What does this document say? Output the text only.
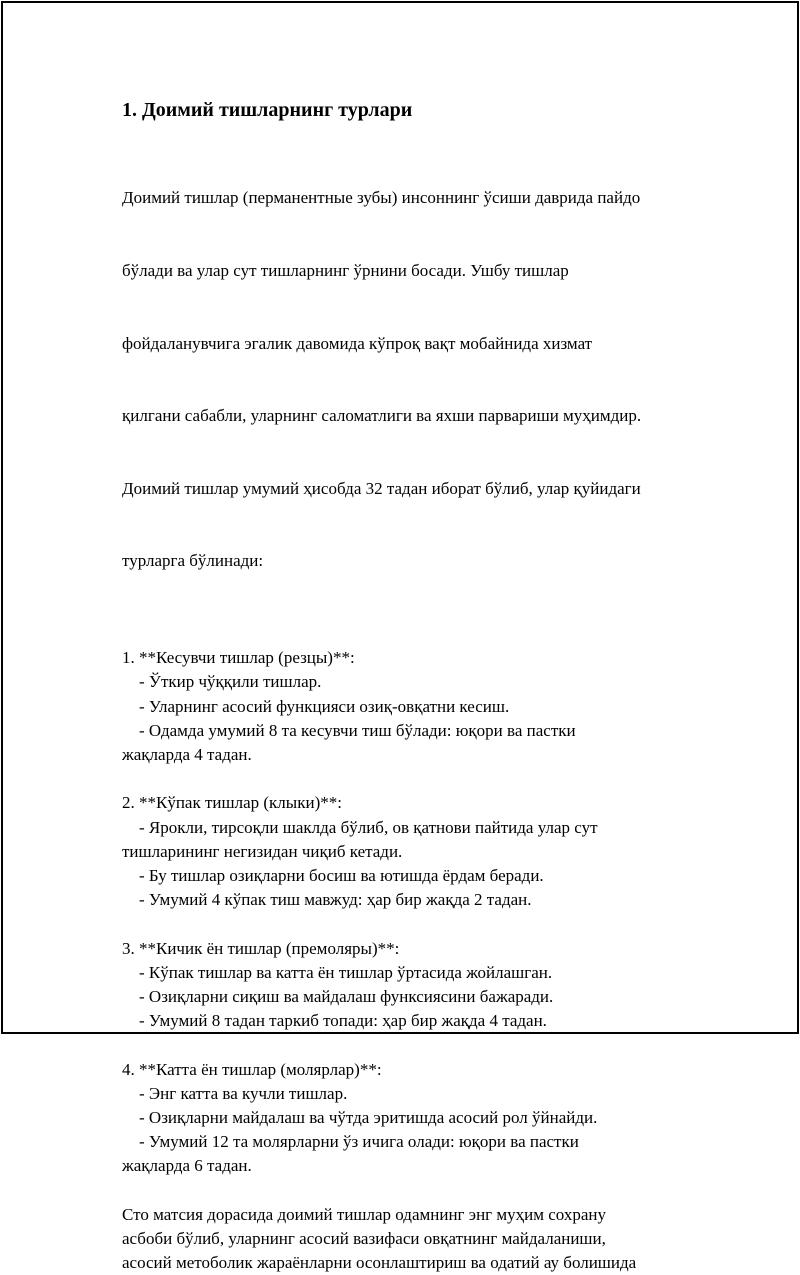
1. Доимий тишларнинг турлари

Доимий тишлар (перманентные зубы) инсоннинг ўсиши даврида пайдо

бўлади ва улар сут тишларнинг ўрнини босади. Ушбу тишлар

фойдаланувчига эгалик давомида кўпроқ вақт мобайнида хизмат

қилгани сабабли, уларнинг саломатлиги ва яхши парвариши муҳимдир.

Доимий тишлар умумий ҳисобда 32 тадан иборат бўлиб, улар қуйидаги

турларга бўлинади:

1. **Кесувчи тишлар (резцы)**:
- Ўткир чўққили тишлар.
- Уларнинг асосий функцияси озиқ-овқатни кесиш.
- Одамда умумий 8 та кесувчи тиш бўлади: юқори ва пастки
жақларда 4 тадан.
2. **Кўпак тишлар (клыки)**:
- Ярокли, тирсоқли шаклда бўлиб, ов қатнови пайтида улар сут
тишларининг негизидан чиқиб кетади.
- Бу тишлар озиқларни босиш ва ютишда ёрдам беради.
- Умумий 4 кўпак тиш мавжуд: ҳар бир жақда 2 тадан.
3. **Кичик ён тишлар (премоляры)**:
- Кўпак тишлар ва катта ён тишлар ўртасида жойлашган.
- Озиқларни сиқиш ва майдалаш функсиясини бажаради.
- Умумий 8 тадан таркиб топади: ҳар бир жақда 4 тадан.
4. **Катта ён тишлар (молярлар)**:
- Энг катта ва кучли тишлар.
- Озиқларни майдалаш ва чўтда эритишда асосий рол ўйнайди.
- Умумий 12 та молярларни ўз ичига олади: юқори ва пастки
жақларда 6 тадан.
Сто матсия дорасида доимий тишлар одамнинг энг муҳим сохрану
асбоби бўлиб, уларнинг асосий вазифаси овқатнинг майдаланиши,
асосий метоболик жараёнларни осонлаштириш ва одатий ау болишида
